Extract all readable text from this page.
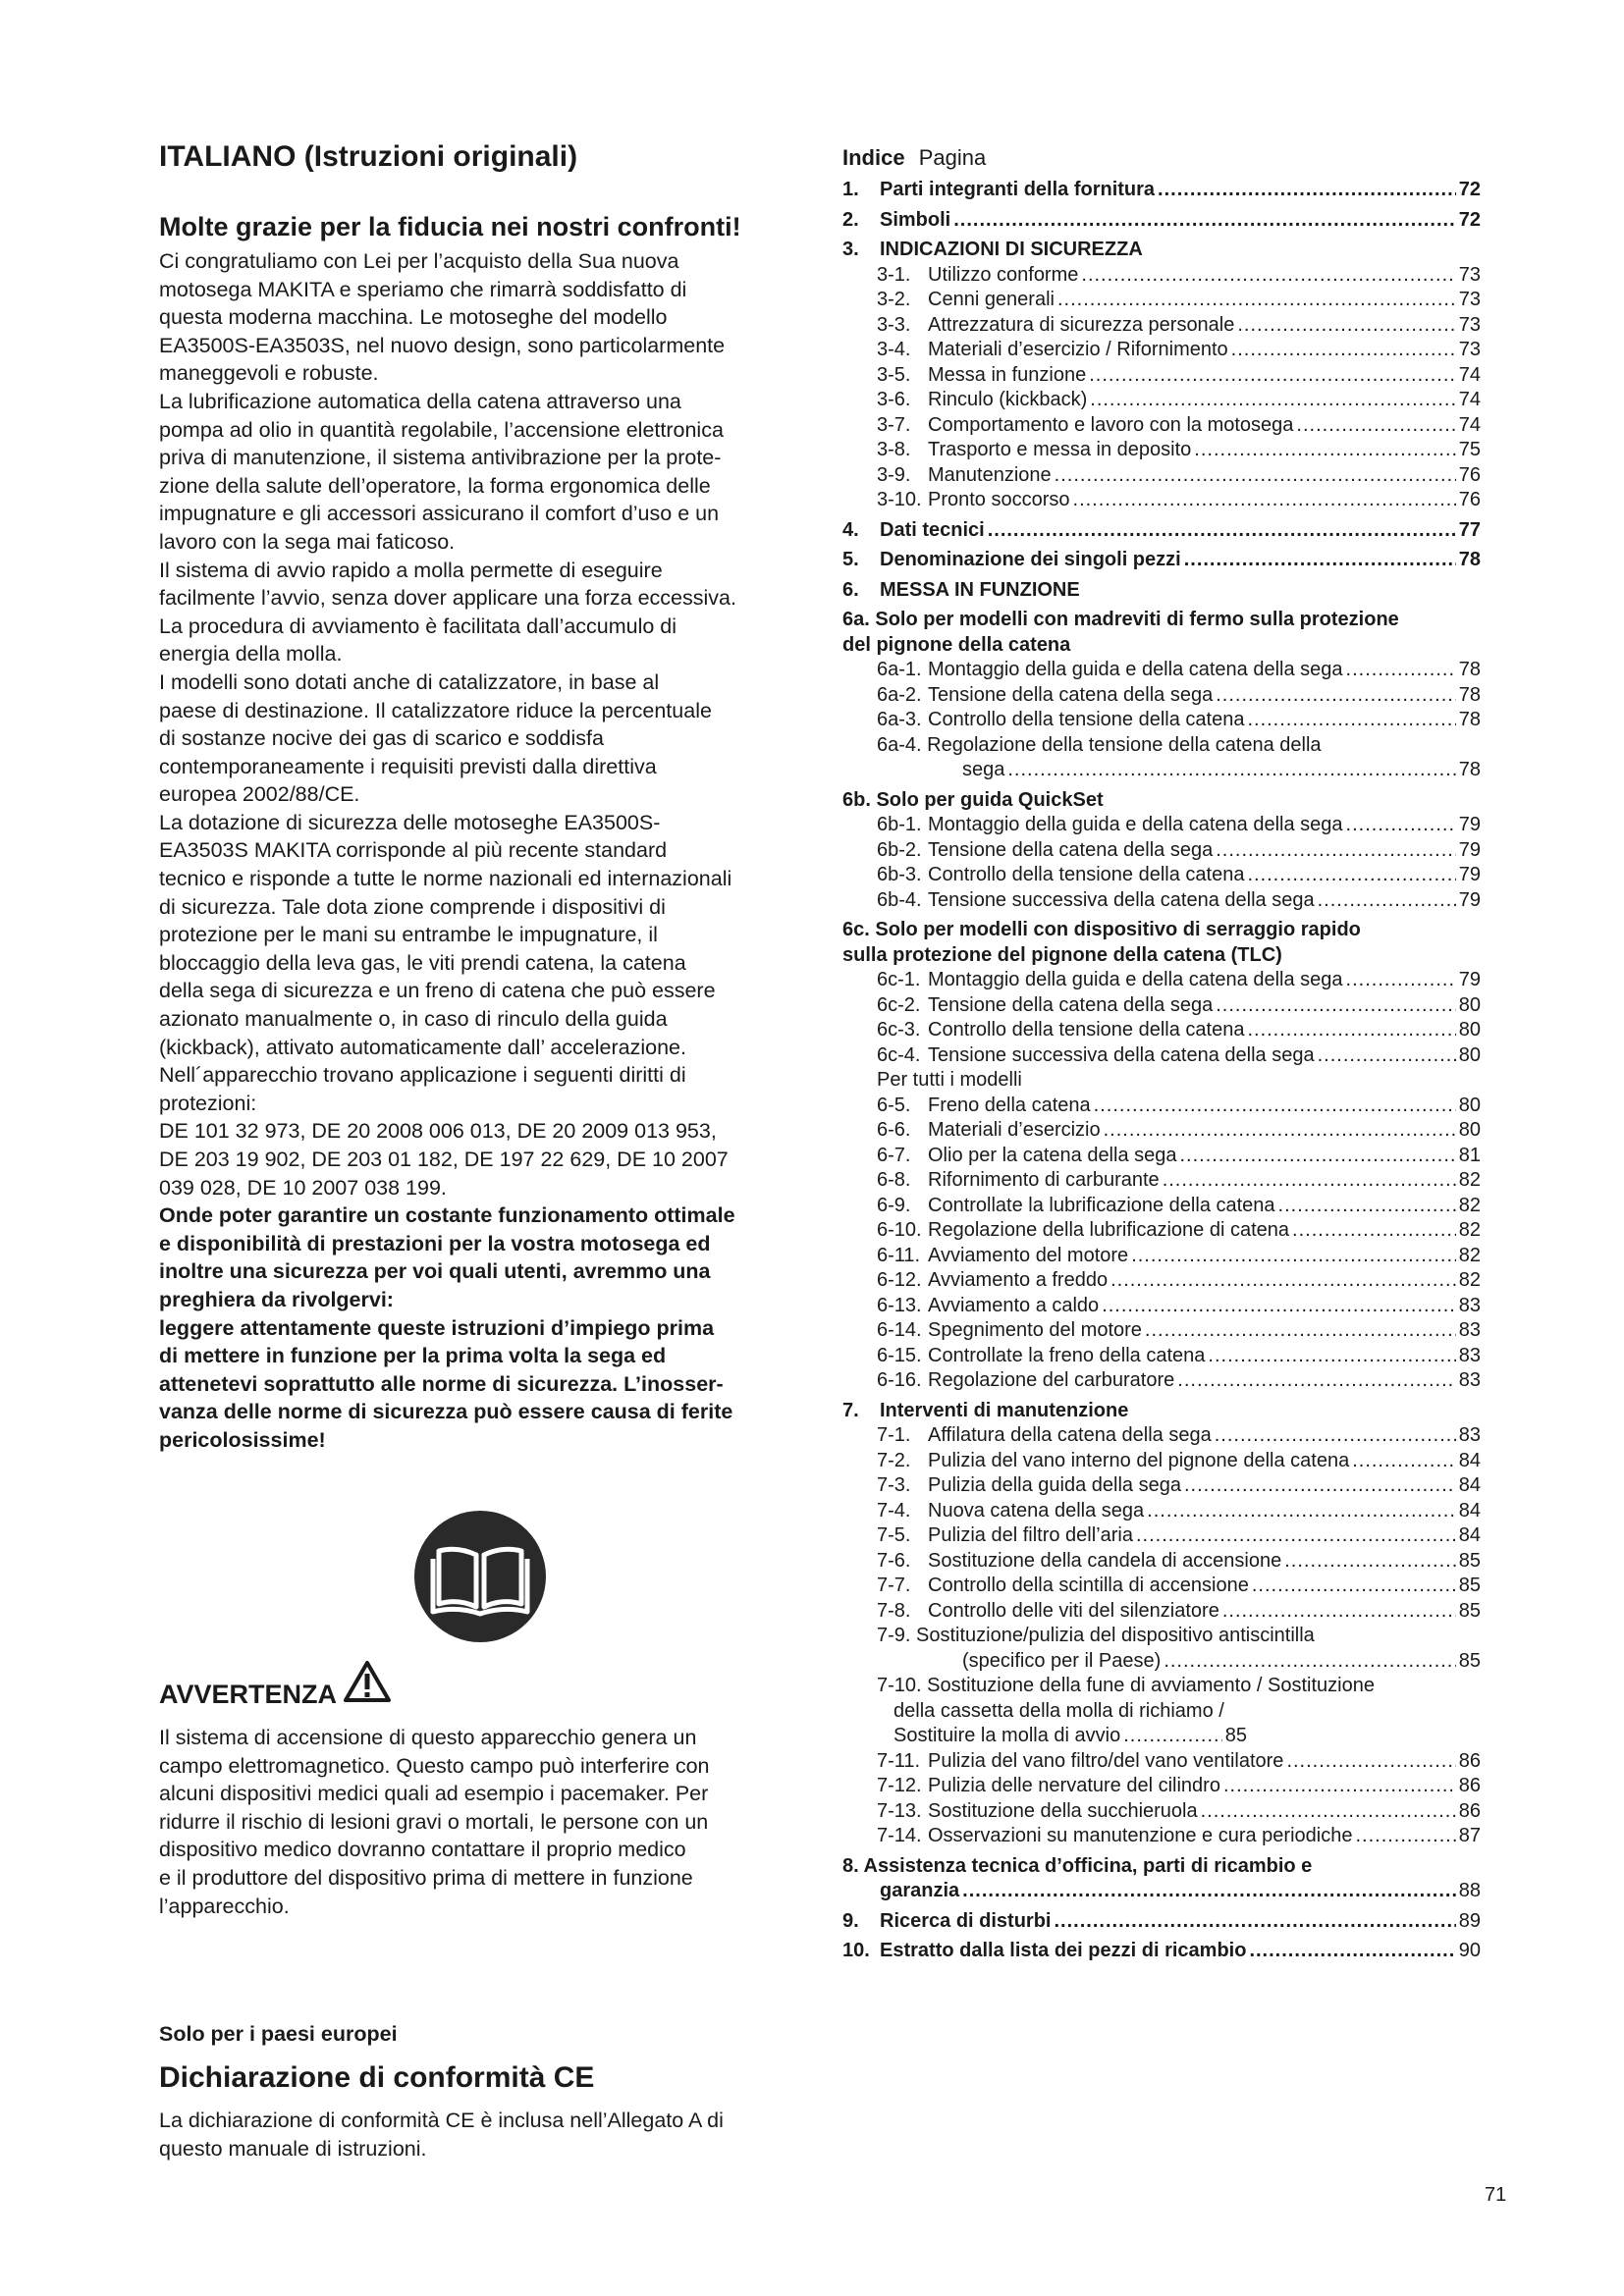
ITALIANO (Istruzioni originali)
Molte grazie per la fiducia nei nostri confronti!
Ci congratuliamo con Lei per l’acquisto della Sua nuova
motosega MAKITA e speriamo che rimarrà soddisfatto di
questa moderna macchina. Le motoseghe del modello
EA3500S-EA3503S, nel nuovo design, sono particolarmente
maneggevoli e robuste.
La lubrificazione automatica della catena attraverso una
pompa ad olio in quantità regolabile, l’accensione elettronica
priva di manutenzione, il sistema antivibrazione per la prote-
zione della salute dell’operatore, la forma ergonomica delle
impugnature e gli accessori assicurano il comfort d’uso e un
lavoro con la sega mai faticoso.
Il sistema di avvio rapido a molla permette di eseguire
facilmente l’avvio, senza dover applicare una forza eccessiva.
La procedura di avviamento è facilitata dall’accumulo di
energia della molla.
I modelli sono dotati anche di catalizzatore, in base al
paese di destinazione. Il catalizzatore riduce la percentuale
di sostanze nocive dei gas di scarico e soddisfa
contemporaneamente i requisiti previsti dalla direttiva
europea 2002/88/CE.
La dotazione di sicurezza delle motoseghe EA3500S-
EA3503S MAKITA corrisponde al più recente standard
tecnico e risponde a tutte le norme nazionali ed internazionali
di sicurezza. Tale dota zione comprende i dispositivi di
protezione per le mani su entrambe le impugnature, il
bloccaggio della leva gas, le viti prendi catena, la catena
della sega di sicurezza e un freno di catena che può essere
azionato manualmente o, in caso di rinculo della guida
(kickback), attivato automaticamente dall’ accelerazione.
Nell´apparecchio trovano applicazione i seguenti diritti di
protezioni:
DE 101 32 973, DE 20 2008 006 013, DE 20 2009 013 953,
DE 203 19 902, DE 203 01 182, DE 197 22 629, DE 10 2007
039 028, DE 10 2007 038 199.
Onde poter garantire un costante funzionamento ottimale
e disponibilità di prestazioni per la vostra motosega ed
inoltre una sicurezza per voi quali utenti, avremmo una
preghiera da rivolgervi:
leggere attentamente queste istruzioni d’impiego prima
di mettere in funzione per la prima volta la sega ed
attenetevi soprattutto alle norme di sicurezza. L’inosser-
vanza delle norme di sicurezza può essere causa di ferite
pericolosissime!
AVVERTENZA
Il sistema di accensione di questo apparecchio genera un
campo elettromagnetico. Questo campo può interferire con
alcuni dispositivi medici quali ad esempio i pacemaker. Per
ridurre il rischio di lesioni gravi o mortali, le persone con un
dispositivo medico dovranno contattare il proprio medico
e il produttore del dispositivo prima di mettere in funzione
l’apparecchio.
Solo per i paesi europei
Dichiarazione di conformità CE
La dichiarazione di conformità CE è inclusa nell’Allegato A di
questo manuale di istruzioni.
Indice Pagina
1.	Parti integranti della fornitura .....	72
2.	Simboli .....	72
3.	INDICAZIONI DI SICUREZZA
3-1. Utilizzo conforme .....	73
3-2. Cenni generali .....	73
3-3. Attrezzatura di sicurezza personale .....	73
3-4. Materiali d’esercizio / Rifornimento .....	73
3-5. Messa in funzione .....	74
3-6. Rinculo (kickback) .....	74
3-7. Comportamento e lavoro con la motosega .....	74
3-8. Trasporto e messa in deposito .....	75
3-9. Manutenzione .....	76
3-10. Pronto soccorso .....	76
4.	Dati tecnici .....	77
5.	Denominazione dei singoli pezzi .....	78
6.	MESSA IN FUNZIONE
6a. Solo per modelli con madreviti di fermo sulla protezione
del pignone della catena
6a-1. Montaggio della guida e della catena della sega .....	78
6a-2. Tensione della catena della sega .....	78
6a-3. Controllo della tensione della catena .....	78
6a-4. Regolazione della tensione della catena della
sega .....	78
6b. Solo per guida QuickSet
6b-1. Montaggio della guida e della catena della sega .....	79
6b-2. Tensione della catena della sega .....	79
6b-3. Controllo della tensione della catena .....	79
6b-4. Tensione successiva della catena della sega .....	79
6c. Solo per modelli con dispositivo di serraggio rapido
sulla protezione del pignone della catena (TLC)
6c-1. Montaggio della guida e della catena della sega .....	79
6c-2. Tensione della catena della sega .....	80
6c-3. Controllo della tensione della catena .....	80
6c-4. Tensione successiva della catena della sega .....	80
Per tutti i modelli
6-5. Freno della catena .....	80
6-6. Materiali d’esercizio .....	80
6-7. Olio per la catena della sega .....	81
6-8. Rifornimento di carburante .....	82
6-9. Controllate la lubrificazione della catena .....	82
6-10. Regolazione della lubrificazione di catena .....	82
6-11. Avviamento del motore .....	82
6-12. Avviamento a freddo .....	82
6-13. Avviamento a caldo .....	83
6-14. Spegnimento del motore .....	83
6-15. Controllate la freno della catena .....	83
6-16. Regolazione del carburatore .....	83
7.	Interventi di manutenzione
7-1. Affilatura della catena della sega .....	83
7-2. Pulizia del vano interno del pignone della catena .....	84
7-3. Pulizia della guida della sega .....	84
7-4. Nuova catena della sega .....	84
7-5. Pulizia del filtro dell’aria .....	84
7-6. Sostituzione della candela di accensione .....	85
7-7. Controllo della scintilla di accensione .....	85
7-8. Controllo delle viti del silenziatore .....	85
7-9. Sostituzione/pulizia del dispositivo antiscintilla
(specifico per il Paese) .....	85
7-10. Sostituzione della fune di avviamento / Sostituzione
della cassetta della molla di richiamo /
Sostituire la molla di avvio .....	85
7-11. Pulizia del vano filtro/del vano ventilatore .....	86
7-12. Pulizia delle nervature del cilindro .....	86
7-13. Sostituzione della succhieruola .....	86
7-14. Osservazioni su manutenzione e cura periodiche .....	87
8. Assistenza tecnica d’officina, parti di ricambio e
garanzia .....	88
9.	Ricerca di disturbi .....	89
10. Estratto dalla lista dei pezzi di ricambio .....	90
71
